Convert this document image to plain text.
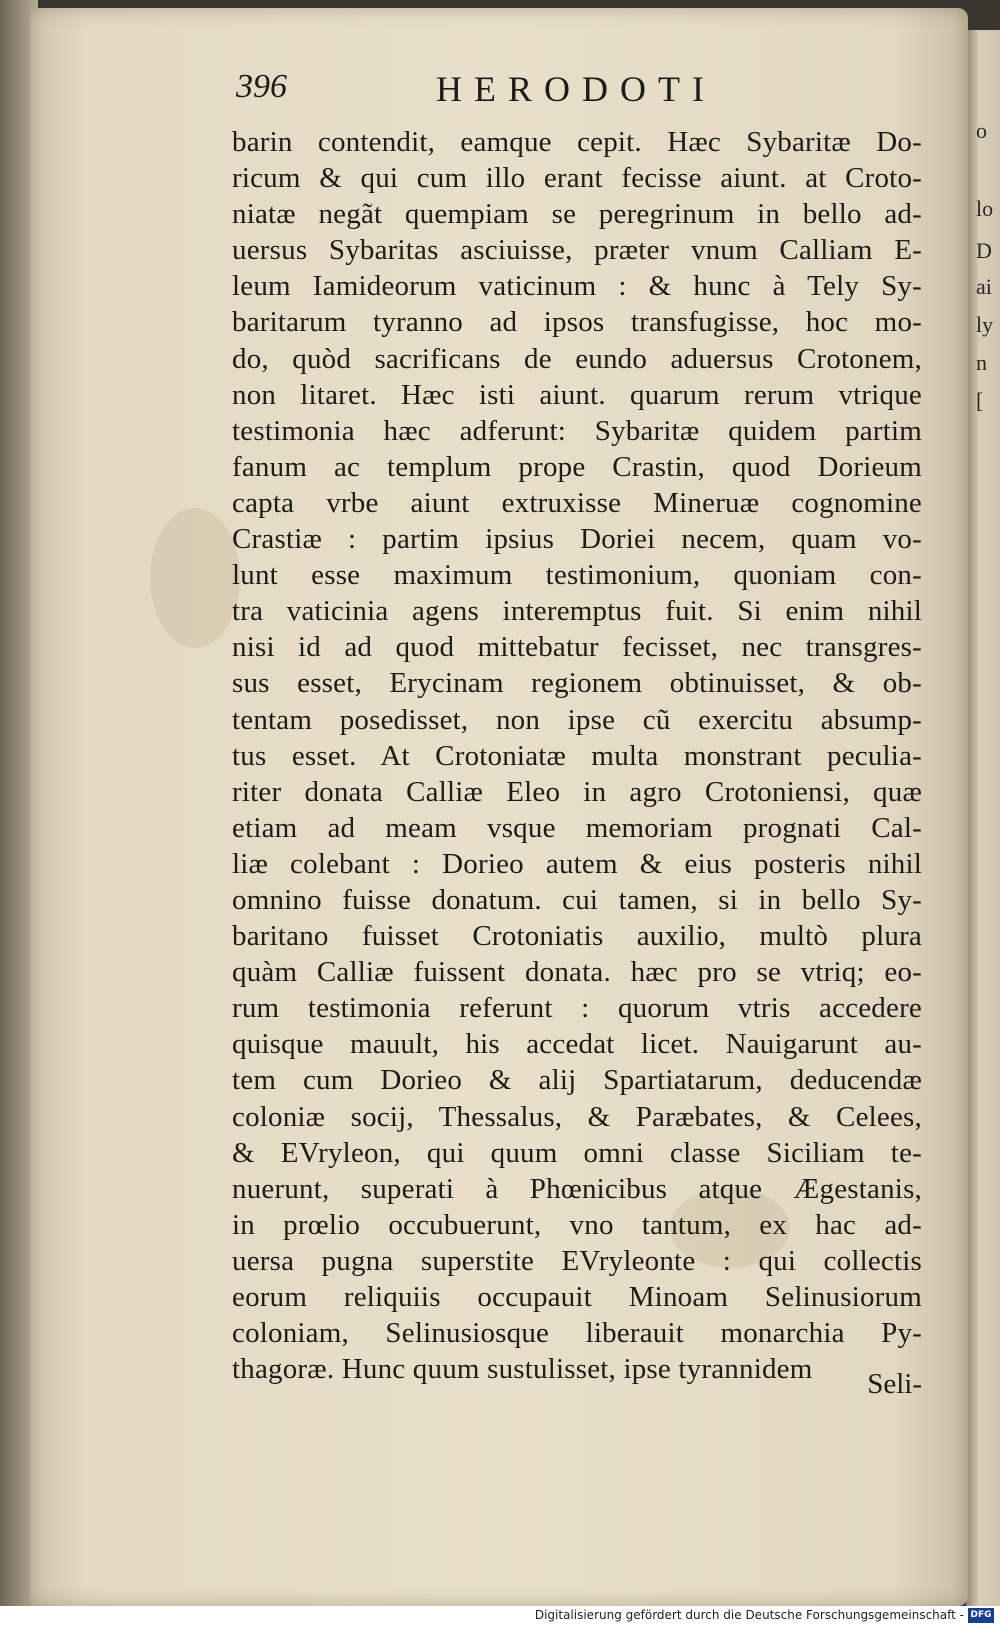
o
lo
D
ai
ly
n
[
396	HERODOTI
barin contendit, eamque cepit. Hæc Sybaritæ Do-
ricum & qui cum illo erant fecisse aiunt. at Croto-
niatæ negãt quempiam se peregrinum in bello ad-
uersus Sybaritas asciuisse, præter vnum Calliam E-
leum Iamideorum vaticinum : & hunc à Tely Sy-
baritarum tyranno ad ipsos transfugisse, hoc mo-
do, quòd sacrificans de eundo aduersus Crotonem,
non litaret. Hæc isti aiunt. quarum rerum vtrique
testimonia hæc adferunt: Sybaritæ quidem partim
fanum ac templum prope Crastin, quod Dorieum
capta vrbe aiunt extruxisse Mineruæ cognomine
Crastiæ : partim ipsius Doriei necem, quam vo-
lunt esse maximum testimonium, quoniam con-
tra vaticinia agens interemptus fuit. Si enim nihil
nisi id ad quod mittebatur fecisset, nec transgres-
sus esset, Erycinam regionem obtinuisset, & ob-
tentam posedisset, non ipse cũ exercitu absump-
tus esset. At Crotoniatæ multa monstrant peculia-
riter donata Calliæ Eleo in agro Crotoniensi, quæ
etiam ad meam vsque memoriam prognati Cal-
liæ colebant : Dorieo autem & eius posteris nihil
omnino fuisse donatum. cui tamen, si in bello Sy-
baritano fuisset Crotoniatis auxilio, multò plura
quàm Calliæ fuissent donata. hæc pro se vtriq; eo-
rum testimonia referunt : quorum vtris accedere
quisque mauult, his accedat licet. Nauigarunt au-
tem cum Dorieo & alij Spartiatarum, deducendæ
coloniæ socij, Thessalus, & Paræbates, & Celees,
& EVryleon, qui quum omni classe Siciliam te-
nuerunt, superati à Phœnicibus atque Ægestanis,
in prœlio occubuerunt, vno tantum, ex hac ad-
uersa pugna superstite EVryleonte : qui collectis
eorum reliquiis occupauit Minoam Selinusiorum
coloniam, Selinusiosque liberauit monarchia Py-
thagoræ. Hunc quum sustulisset, ipse tyrannidem	Seli-
Digitalisierung gefördert durch die Deutsche Forschungsgemeinschaft - DFG
